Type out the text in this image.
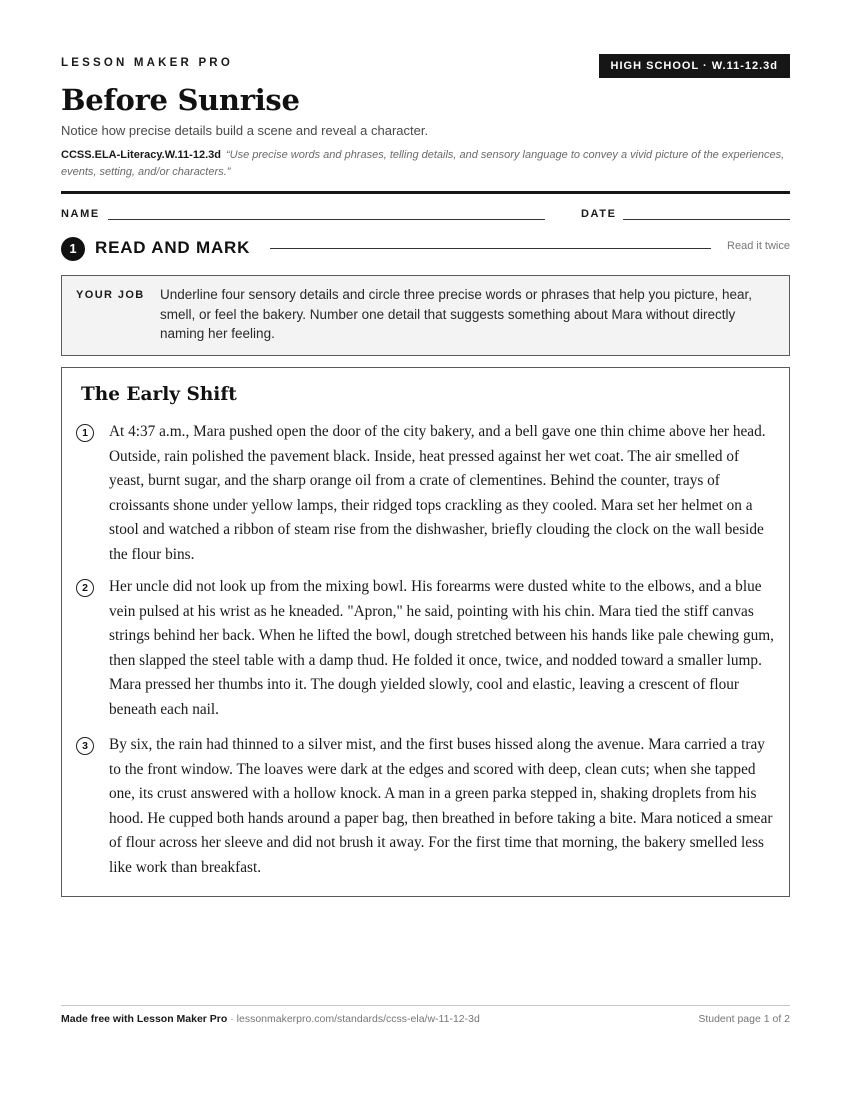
LESSON MAKER PRO	HIGH SCHOOL · W.11-12.3d
Before Sunrise
Notice how precise details build a scene and reveal a character.
CCSS.ELA-Literacy.W.11-12.3d “Use precise words and phrases, telling details, and sensory language to convey a vivid picture of the experiences, events, setting, and/or characters.”
NAME	DATE
1	READ AND MARK	Read it twice
YOUR JOB Underline four sensory details and circle three precise words or phrases that help you picture, hear, smell, or feel the bakery. Number one detail that suggests something about Mara without directly naming her feeling.
The Early Shift
1	At 4:37 a.m., Mara pushed open the door of the city bakery, and a bell gave one thin chime above her head. Outside, rain polished the pavement black. Inside, heat pressed against her wet coat. The air smelled of yeast, burnt sugar, and the sharp orange oil from a crate of clementines. Behind the counter, trays of croissants shone under yellow lamps, their ridged tops crackling as they cooled. Mara set her helmet on a stool and watched a ribbon of steam rise from the dishwasher, briefly clouding the clock on the wall beside the flour bins.
2	Her uncle did not look up from the mixing bowl. His forearms were dusted white to the elbows, and a blue vein pulsed at his wrist as he kneaded. "Apron," he said, pointing with his chin. Mara tied the stiff canvas strings behind her back. When he lifted the bowl, dough stretched between his hands like pale chewing gum, then slapped the steel table with a damp thud. He folded it once, twice, and nodded toward a smaller lump. Mara pressed her thumbs into it. The dough yielded slowly, cool and elastic, leaving a crescent of flour beneath each nail.
3	By six, the rain had thinned to a silver mist, and the first buses hissed along the avenue. Mara carried a tray to the front window. The loaves were dark at the edges and scored with deep, clean cuts; when she tapped one, its crust answered with a hollow knock. A man in a green parka stepped in, shaking droplets from his hood. He cupped both hands around a paper bag, then breathed in before taking a bite. Mara noticed a smear of flour across her sleeve and did not brush it away. For the first time that morning, the bakery smelled less like work than breakfast.
Made free with Lesson Maker Pro · lessonmakerpro.com/standards/ccss-ela/w-11-12-3d	Student page 1 of 2
